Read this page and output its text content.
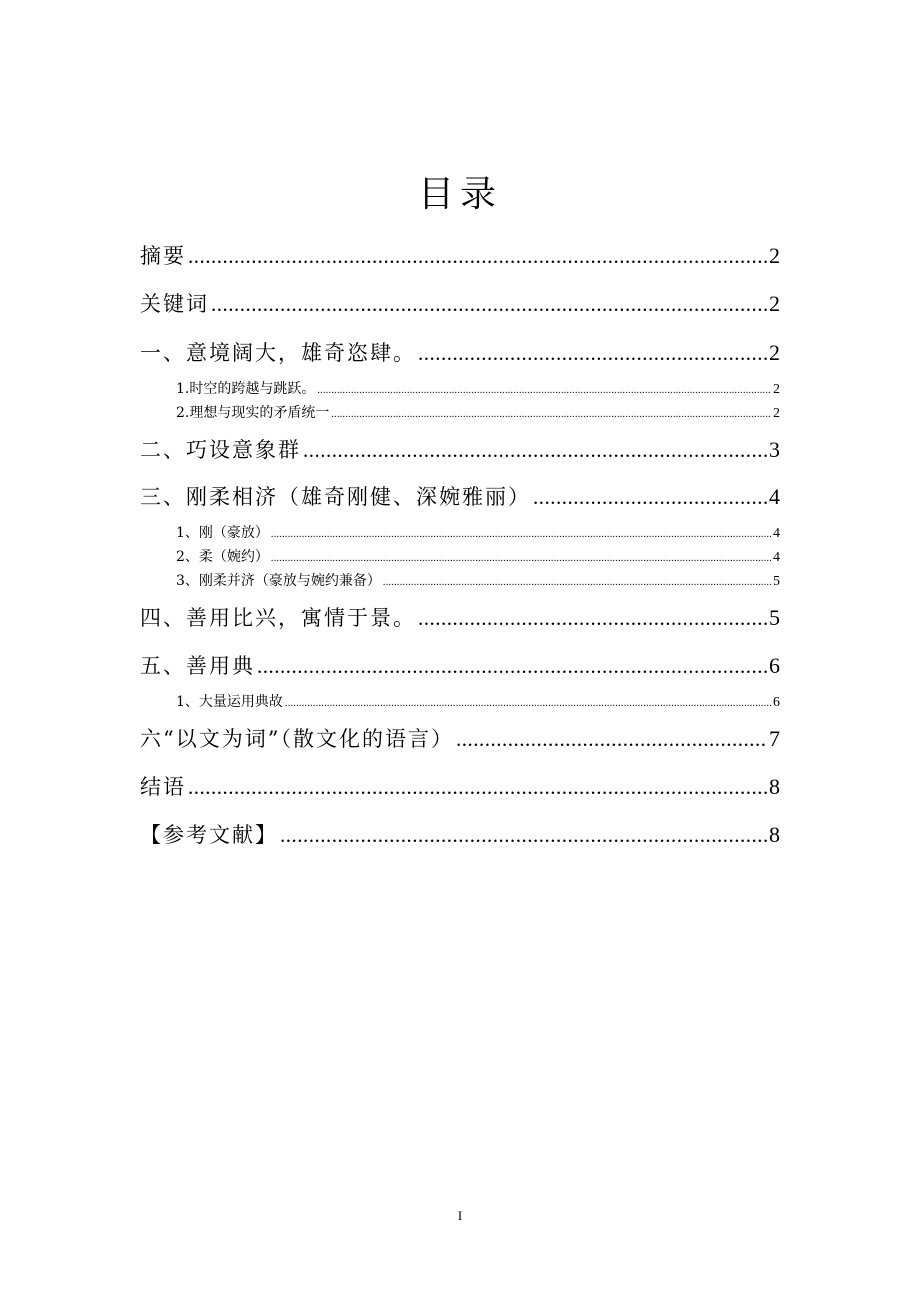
目录
摘要 .....	2
关键词 .....	2
一、意境阔大，雄奇恣肆。 .....	2
1.时空的跨越与跳跃。 .....	2
2.理想与现实的矛盾统一 .....	2
二、巧设意象群 .....	3
三、刚柔相济（雄奇刚健、深婉雅丽） .....	4
1、刚（豪放） .....	4
2、柔（婉约） .....	4
3、刚柔并济（豪放与婉约兼备） .....	5
四、善用比兴，寓情于景。 .....	5
五、善用典 .....	6
1、大量运用典故 .....	6
六“以文为词”（散文化的语言） .....	7
结语 .....	8
【参考文献】 .....	8
I
